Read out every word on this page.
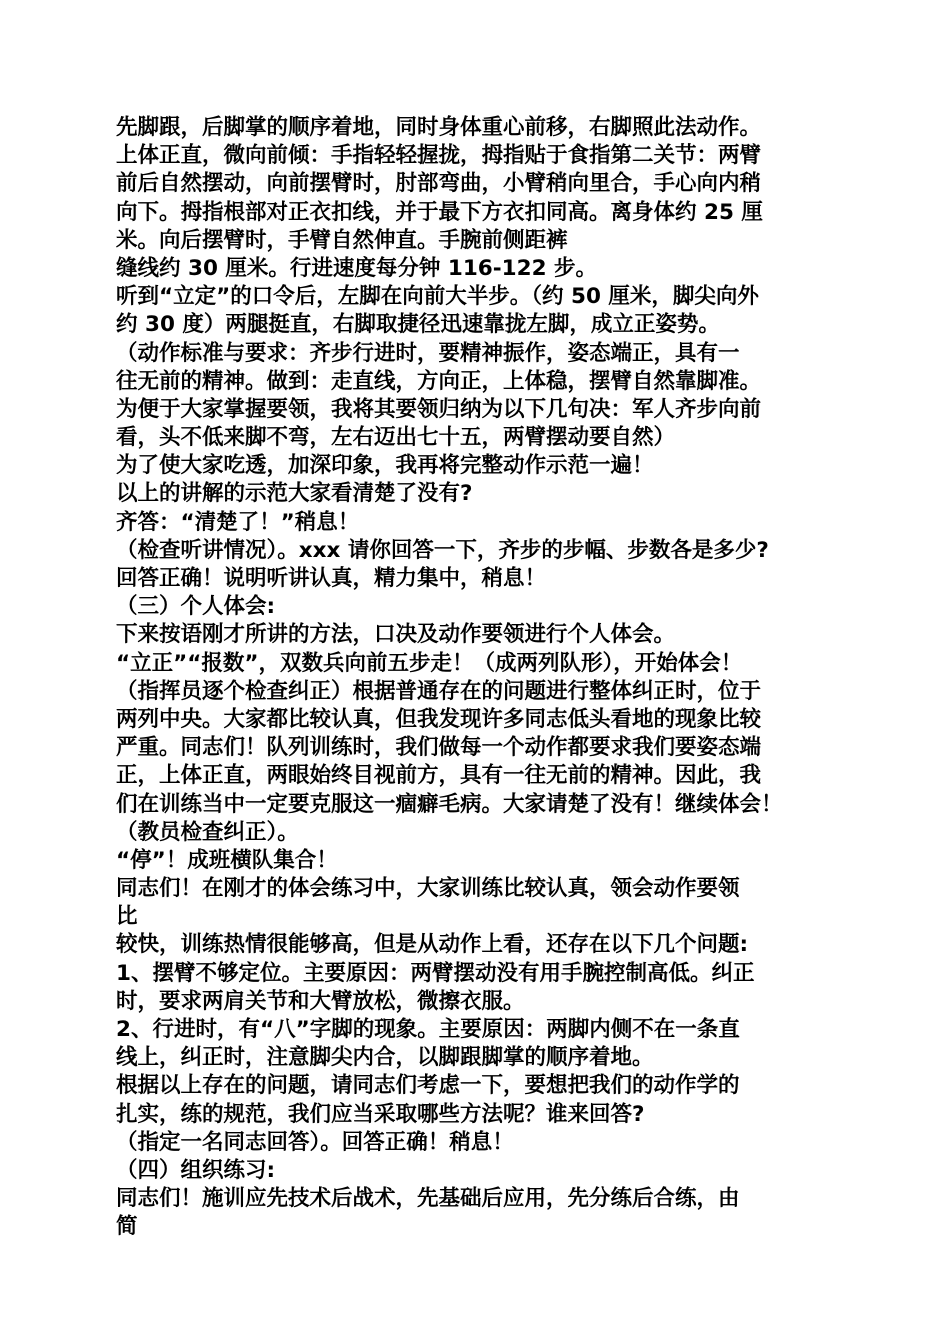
先脚跟，后脚掌的顺序着地，同时身体重心前移，右脚照此法动作。
上体正直，微向前倾：手指轻轻握拢，拇指贴于食指第二关节：两臂
前后自然摆动，向前摆臂时，肘部弯曲，小臂稍向里合，手心向内稍
向下。拇指根部对正衣扣线，并于最下方衣扣同高。离身体约 25 厘
米。向后摆臂时，手臂自然伸直。手腕前侧距裤
缝线约 30 厘米。行进速度每分钟 116-122 步。
听到“立定”的口令后，左脚在向前大半步。（约 50 厘米，脚尖向外
约 30 度）两腿挺直，右脚取捷径迅速靠拢左脚，成立正姿势。
（动作标准与要求：齐步行进时，要精神振作，姿态端正，具有一
往无前的精神。做到：走直线，方向正，上体稳，摆臂自然靠脚准。
为便于大家掌握要领，我将其要领归纳为以下几句决：军人齐步向前
看，头不低来脚不弯，左右迈出七十五，两臂摆动要自然）
为了使大家吃透，加深印象，我再将完整动作示范一遍！
以上的讲解的示范大家看清楚了没有?
齐答：“清楚了！”稍息！
（检查听讲情况）。xxx 请你回答一下，齐步的步幅、步数各是多少?
回答正确！说明听讲认真，精力集中，稍息！
（三）个人体会:
下来按语刚才所讲的方法，口决及动作要领进行个人体会。
“立正”“报数”，双数兵向前五步走！（成两列队形），开始体会！
（指挥员逐个检查纠正）根据普通存在的问题进行整体纠正时，位于
两列中央。大家都比较认真，但我发现许多同志低头看地的现象比较
严重。同志们！队列训练时，我们做每一个动作都要求我们要姿态端
正，上体正直，两眼始终目视前方，具有一往无前的精神。因此，我
们在训练当中一定要克服这一痼癖毛病。大家请楚了没有！继续体会！
（教员检查纠正）。
“停”！成班横队集合！
同志们！在刚才的体会练习中，大家训练比较认真，领会动作要领
比
较快，训练热情很能够高，但是从动作上看，还存在以下几个问题:
1、摆臂不够定位。主要原因：两臂摆动没有用手腕控制高低。纠正
时，要求两肩关节和大臂放松，微擦衣服。
2、行进时，有“八”字脚的现象。主要原因：两脚内侧不在一条直
线上，纠正时，注意脚尖内合，以脚跟脚掌的顺序着地。
根据以上存在的问题，请同志们考虑一下，要想把我们的动作学的
扎实，练的规范，我们应当采取哪些方法呢？谁来回答?
（指定一名同志回答）。回答正确！稍息！
（四）组织练习:
同志们！施训应先技术后战术，先基础后应用，先分练后合练，由
简
